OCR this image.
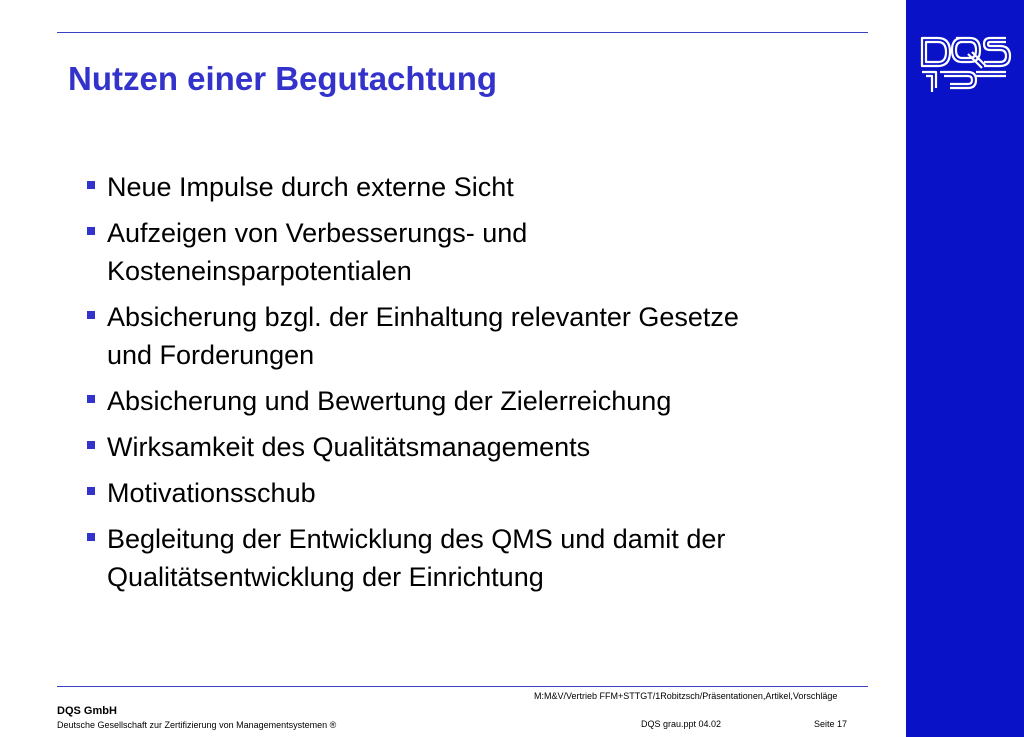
Nutzen einer Begutachtung
Neue Impulse durch externe Sicht
Aufzeigen von Verbesserungs- und
Kosteneinsparpotentialen
Absicherung bzgl. der Einhaltung relevanter Gesetze
und Forderungen
Absicherung und Bewertung der Zielerreichung
Wirksamkeit des Qualitätsmanagements
Motivationsschub
Begleitung der Entwicklung des QMS und damit der
Qualitätsentwicklung der Einrichtung
DQS GmbH
Deutsche Gesellschaft zur Zertifizierung von Managementsystemen ®
M:M&V/Vertrieb FFM+STTGT/1Robitzsch/Präsentationen,Artikel,Vorschläge
DQS grau.ppt 04.02	Seite 17
